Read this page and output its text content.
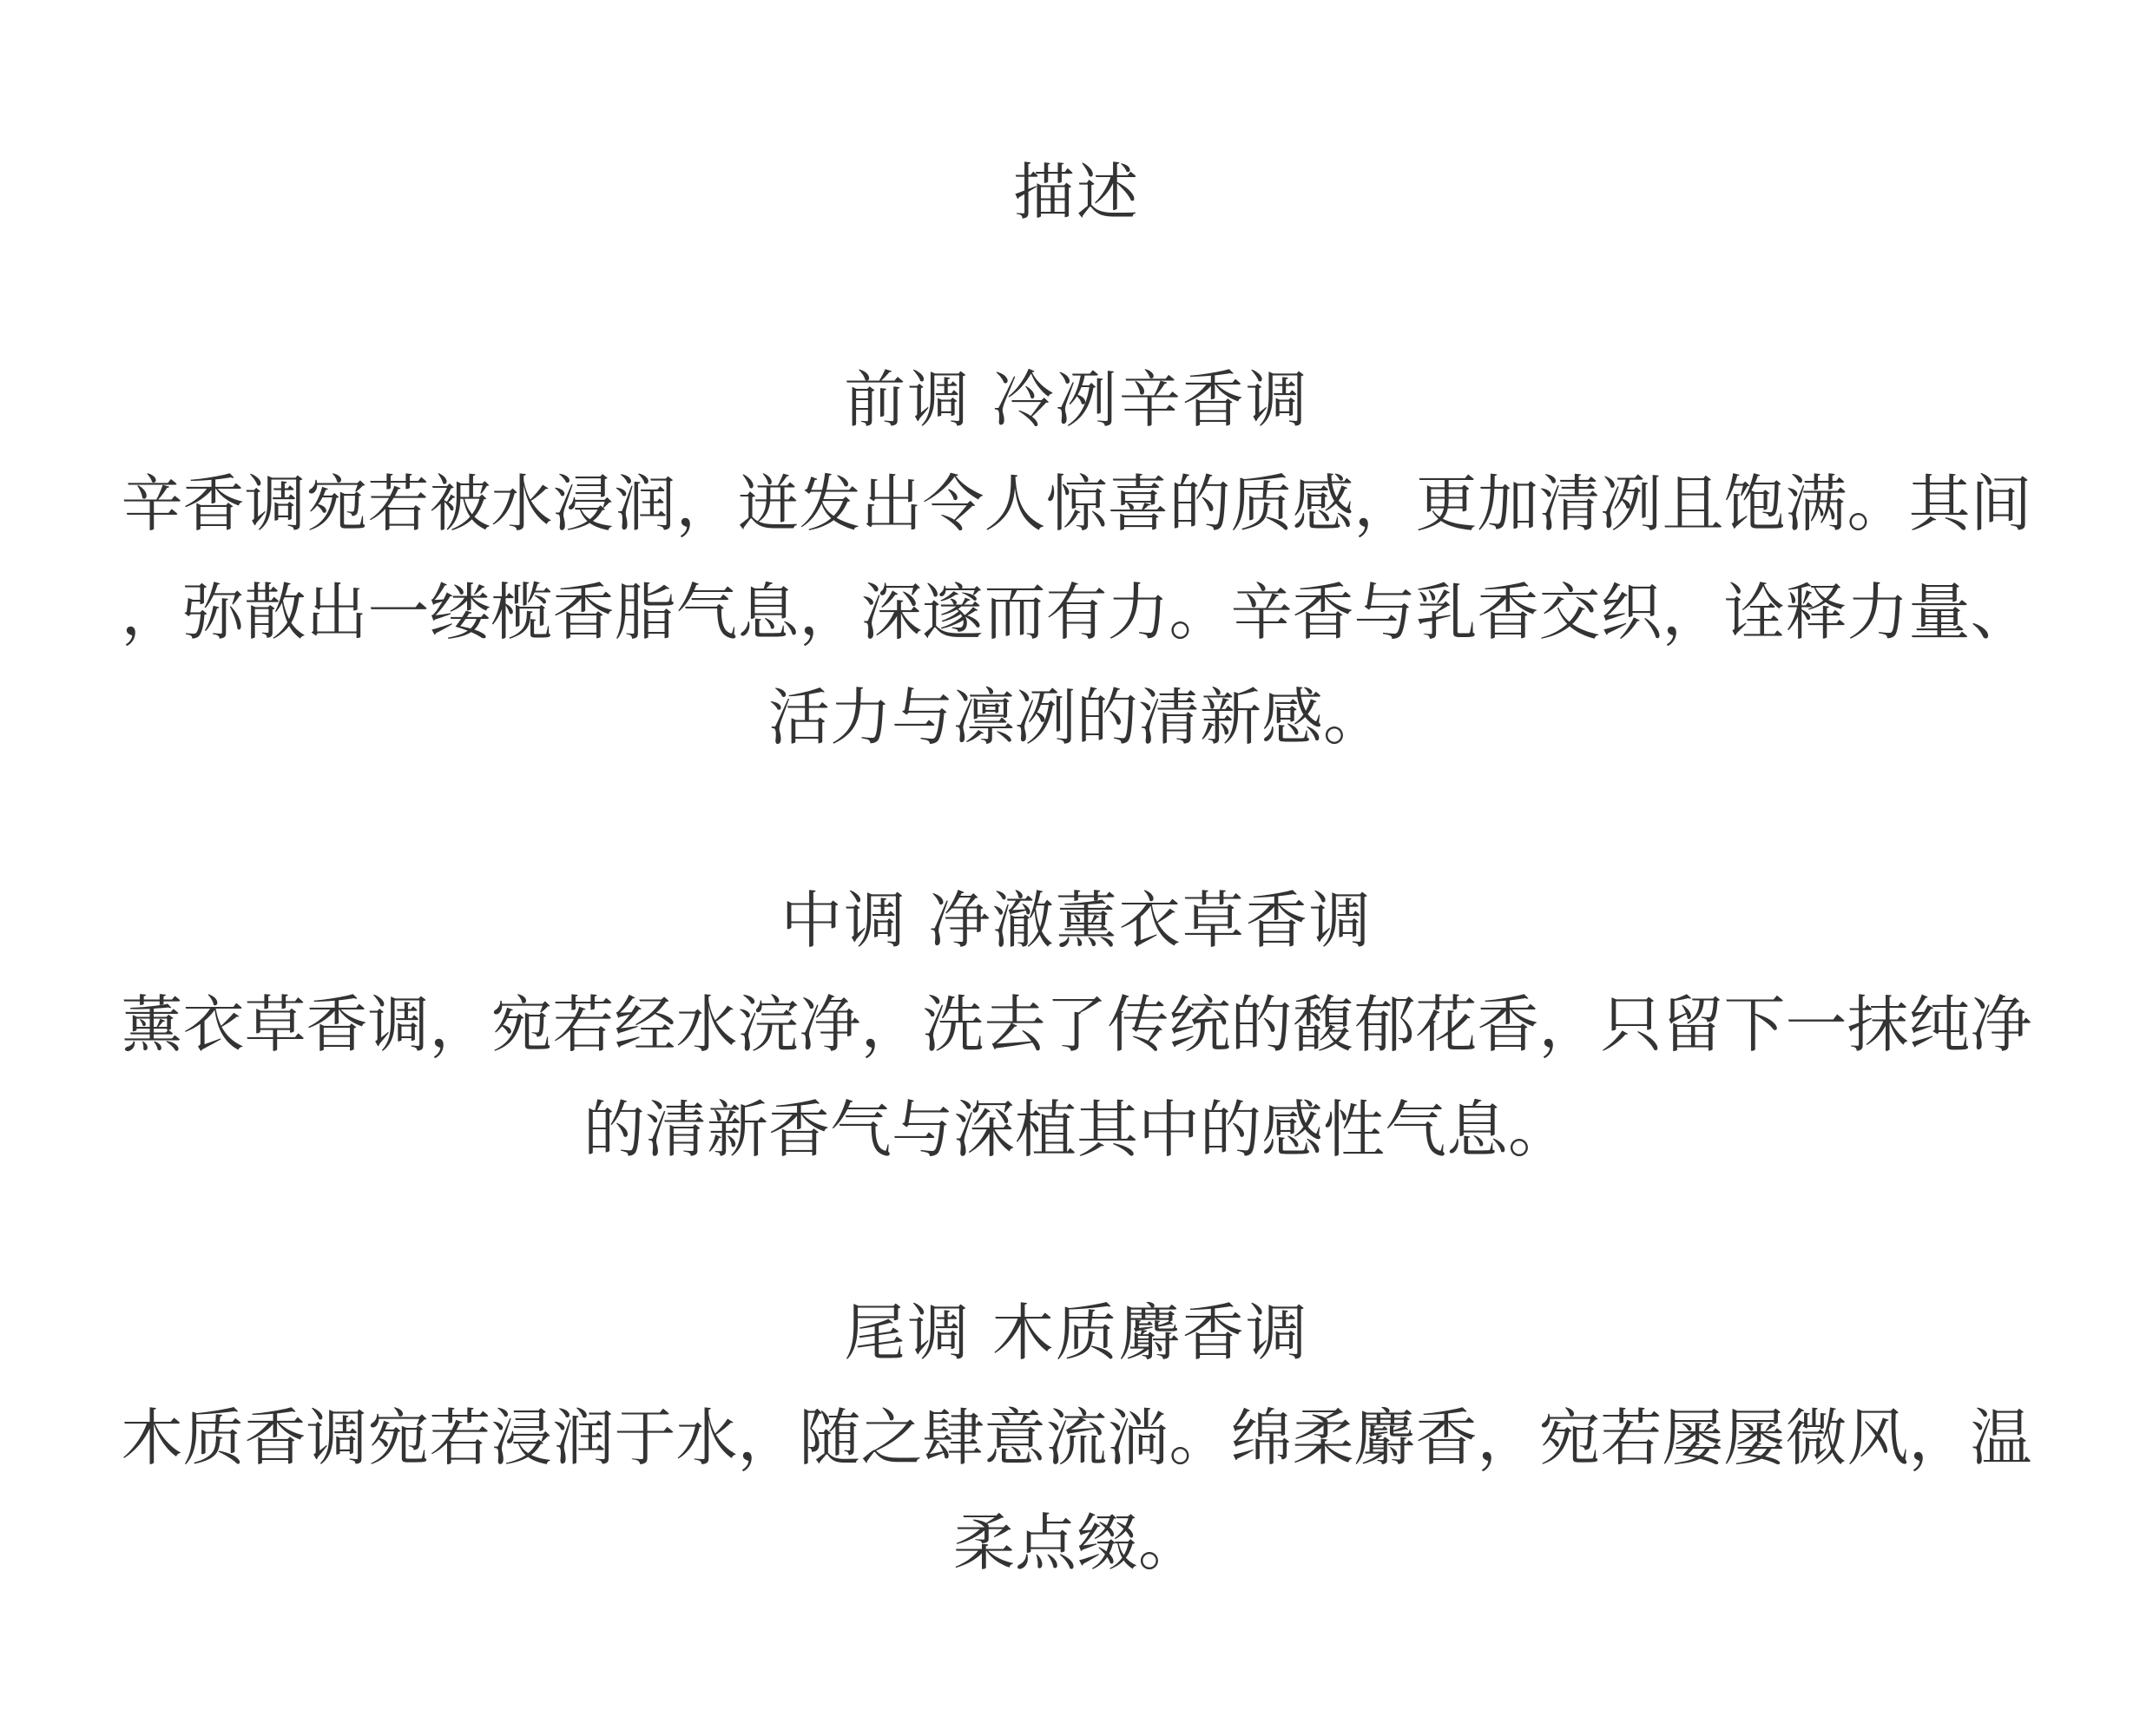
描述
前调 冷冽辛香调
辛香调宛若被水浸润，迸发出令人惊喜的质感，更加清冽且饱满。其间
，弥散出一缕榄香脂气息，深邃而有力。辛香与乳香交织，诠释力量、
活力与凛冽的清新感。
中调 净澈薰衣草香调
薰衣草香调，宛若经水浣净，洗去了传统的馥郁花香，只留下一抹纯净
的清新香气与深植其中的感性气息。
尾调 木质麝香调
木质香调宛若浸润于水，随之肆意流淌。绵柔麝香，宛若屡屡微风，温
柔点缀。
